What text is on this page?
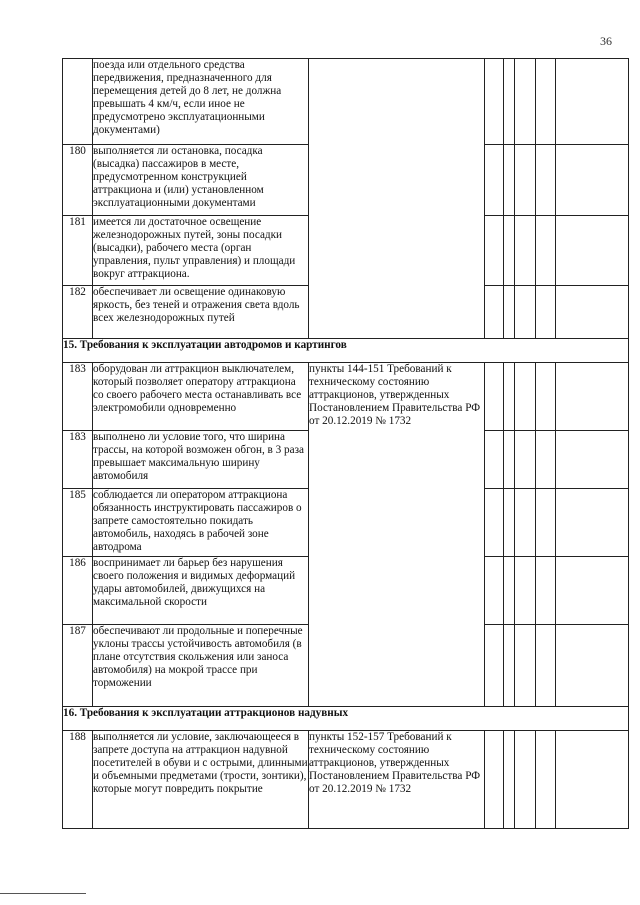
36
	поезда или отдельного средства передвижения, предназначенного для перемещения детей до 8 лет, не должна превышать 4 км/ч, если иное не предусмотрено эксплуатационными документами)						
180	выполняется ли остановка, посадка (высадка) пассажиров в месте, предусмотренном конструкцией аттракциона и (или) установленном эксплуатационными документами						
181	имеется ли достаточное освещение железнодорожных путей, зоны посадки (высадки), рабочего места (орган управления, пульт управления) и площади вокруг аттракциона.						
182	обеспечивает ли освещение одинаковую яркость, без теней и отражения света вдоль всех железнодорожных путей						
15. Требования к эксплуатации автодромов и картингов							
183	оборудован ли аттракцион выключателем, который позволяет оператору аттракциона со своего рабочего места останавливать все электромобили одновременно	пункты 144-151 Требований к техническому состоянию аттракционов, утвержденных Постановлением Правительства РФ от 20.12.2019 № 1732					
183	выполнено ли условие того, что ширина трассы, на которой возможен обгон, в 3 раза превышает максимальную ширину автомобиля						
185	соблюдается ли оператором аттракциона обязанность инструктировать пассажиров о запрете самостоятельно покидать автомобиль, находясь в рабочей зоне автодрома						
186	воспринимает ли барьер без нарушения своего положения и видимых деформаций удары автомобилей, движущихся на максимальной скорости						
187	обеспечивают ли продольные и поперечные уклоны трассы устойчивость автомобиля (в плане отсутствия скольжения или заноса автомобиля) на мокрой трассе при торможении						
16. Требования к эксплуатации аттракционов надувных							
188	выполняется ли условие, заключающееся в запрете доступа на аттракцион надувной посетителей в обуви и с острыми, длинными и объемными предметами (трости, зонтики), которые могут повредить покрытие	пункты 152-157 Требований к техническому состоянию аттракционов, утвержденных Постановлением Правительства РФ от 20.12.2019 № 1732					
